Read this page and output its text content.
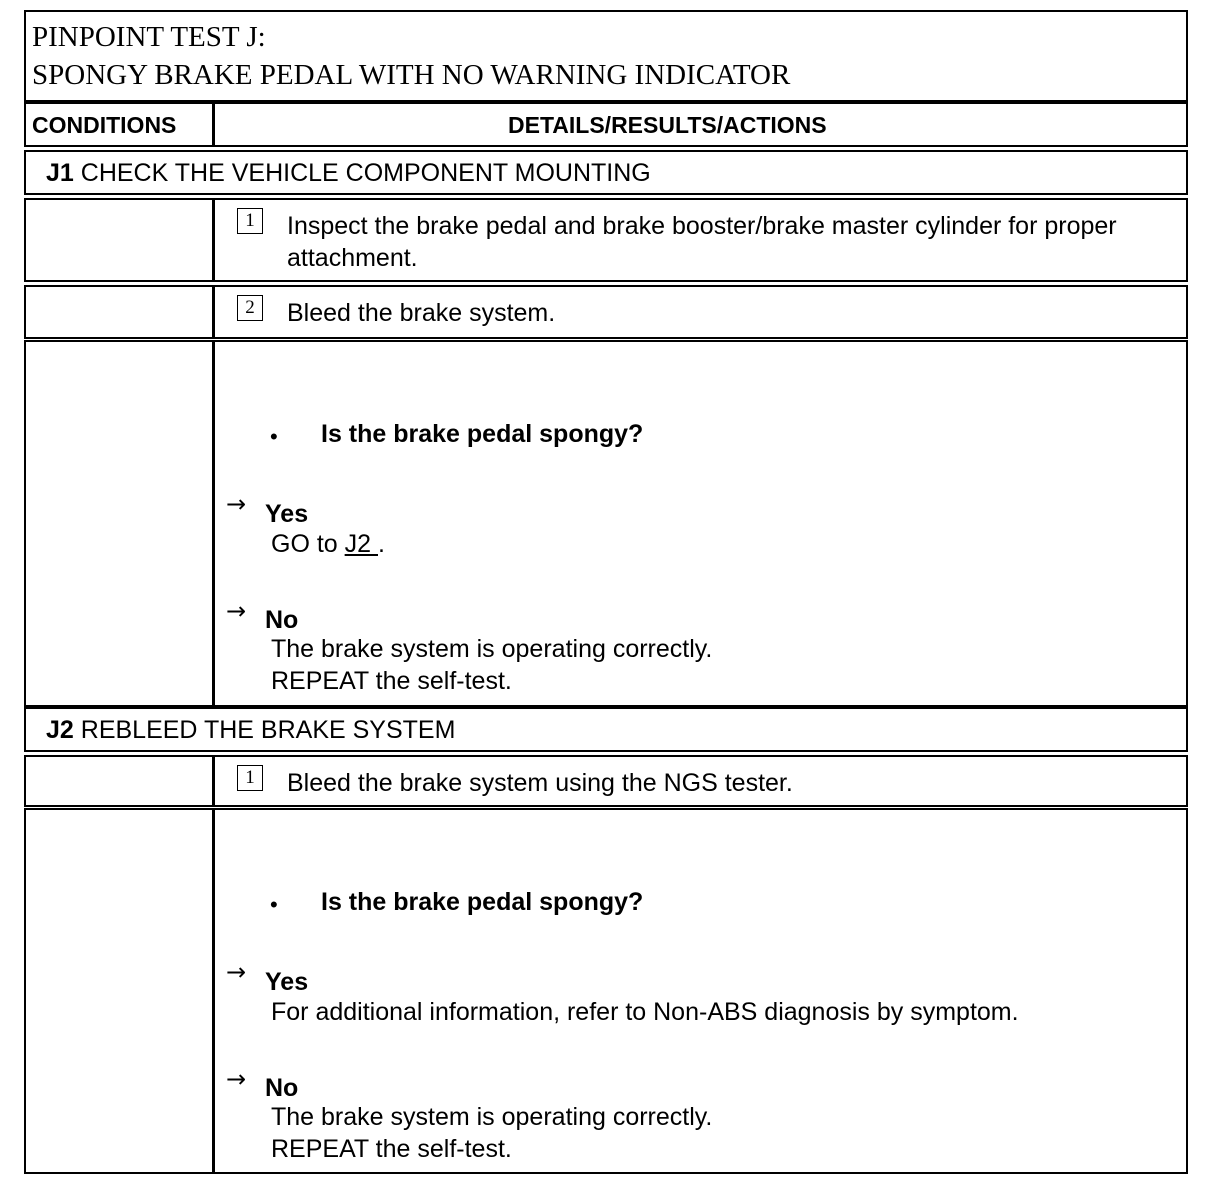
PINPOINT TEST J:
SPONGY BRAKE PEDAL WITH NO WARNING INDICATOR
CONDITIONS	DETAILS/RESULTS/ACTIONS
J1 CHECK THE VEHICLE COMPONENT MOUNTING
1	Inspect the brake pedal and brake booster/brake master cylinder for proper attachment.
2	Bleed the brake system.
• Is the brake pedal spongy?
→ Yes
GO to J2 .
→ No
The brake system is operating correctly.
REPEAT the self-test.
J2 REBLEED THE BRAKE SYSTEM
1	Bleed the brake system using the NGS tester.
• Is the brake pedal spongy?
→ Yes
For additional information, refer to Non-ABS diagnosis by symptom.
→ No
The brake system is operating correctly.
REPEAT the self-test.
